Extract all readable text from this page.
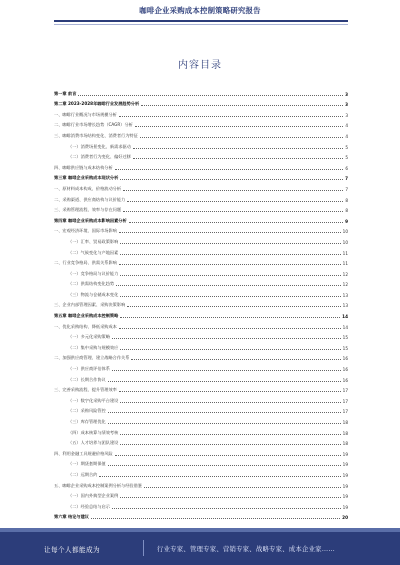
咖啡企业采购成本控制策略研究报告
内容目录
第一章 前言	3
第二章 2023-2028年咖啡行业发展趋势分析	3
一、咖啡行业概况与市场规模分析	3
二、咖啡行业市场增长趋势（CAGR）分析	4
三、咖啡消费市场结构变化、消费者行为特征	4
（一）消费场景变化、新需求驱动	5
（二）消费者行为变化、偏好迁移	5
四、咖啡供应链与成本结构分析	6
第三章 咖啡企业采购成本现状分析	7
一、原材料成本构成、价格波动分析	7
二、采购渠道、供应商结构与议价能力	8
三、采购管理流程、效率与存在问题	8
第四章 咖啡企业采购成本影响因素分析	9
一、宏观经济环境、国际市场影响	10
（一）汇率、贸易政策影响	10
（二）气候变化与产地因素	11
二、行业竞争格局、供需关系影响	11
（一）竞争格局与议价能力	12
（二）供需结构变化趋势	12
（三）物流与仓储成本变化	13
三、企业内部管理因素、采购决策影响	13
第五章 咖啡企业采购成本控制策略	14
一、优化采购结构、降低采购成本	14
（一）多元化采购策略	15
（二）集中采购与规模效应	15
二、加强供应商管理、建立战略合作关系	16
（一）供应商评估体系	16
（二）长期合作协议	16
三、完善采购流程、提升管理效率	17
（一）数字化采购平台建设	17
（二）采购风险管控	17
（三）库存管理优化	18
（四）成本核算与绩效考核	18
（五）人才培养与团队建设	18
四、利用金融工具规避价格风险	19
（一）期货套期保值	19
（二）远期合约	19
五、咖啡企业采购成本控制案例分析与经验借鉴	19
（一）国内外典型企业案例	19
（二）经验总结与启示	19
第六章 结论与建议	20
让每个人都能成为	行业专家、管理专家、营销专家、战略专家、成本企业家……
